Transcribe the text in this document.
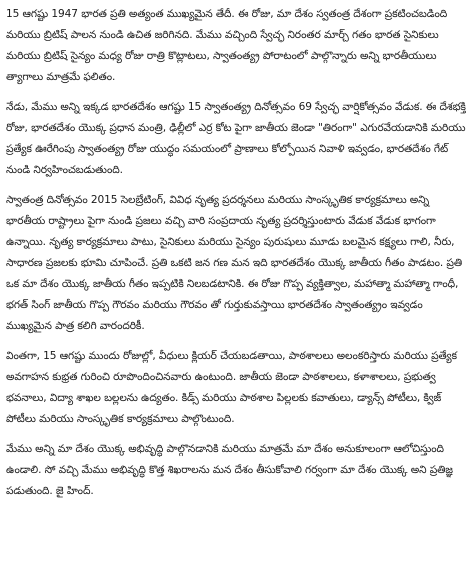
15 ఆగష్టు 1947 భారత ప్రతి అత్యంత ముఖ్యమైన తేదీ. ఈ రోజు, మా దేశం స్వతంత్ర దేశంగా ప్రకటించబడింది మరియు బ్రిటిష్ పాలన నుండి ఉచిత జరిగినది. మేము వచ్చింది స్వేచ్ఛ నిరంతర మార్చ్ గతం భారత సైనికులు మరియు బ్రిటిష్ సైన్యం మధ్య రోజు రాత్రి కొట్లాటలు, స్వాతంత్య్ర పోరాటంలో పాల్గొన్నారు అన్ని భారతీయులు త్యాగాలు మాత్రమే ఫలితం.

నేడు, మేము అన్ని ఇక్కడ భారతదేశం ఆగష్టు 15 స్వాతంత్య్ర దినోత్సవం 69 స్వేచ్ఛ వార్షికోత్సవం వేడుక. ఈ దేశభక్తి రోజు, భారతదేశం యొక్క ప్రధాన మంత్రి, ఢిల్లీలో ఎర్ర కోట పైగా జాతీయ జెండా "తిరంగా" ఎగురవేయడానికి మరియు ప్రత్యేక ఊరేగింపు స్వాతంత్య్ర రోజు యుద్ధం సమయంలో ప్రాణాలు కోల్పోయిన నివాళి ఇవ్వడం, భారతదేశం గేట్ నుండి నిర్వహించబడుతుంది.

స్వాతంత్ర దినోత్సవం 2015 సెలబ్రేటింగ్, వివిధ నృత్య ప్రదర్శనలు మరియు సాంస్కృతిక కార్యక్రమాలు అన్ని భారతీయ రాష్ట్రాలు పైగా నుండి ప్రజలు వచ్చి వారి సంప్రదాయ నృత్య ప్రదర్శిస్తుంటారు వేడుక వేడుక భాగంగా ఉన్నాయి. నృత్య కార్యక్రమాలు పాటు, సైనికులు మరియు సైన్యం పురుషులు మూడు బలమైన కక్ష్యలు గాలి, నీరు, సాధారణ ప్రజలకు భూమి చూపించే. ప్రతి ఒకటి జన గణ మన ఇది భారతదేశం యొక్క జాతీయ గీతం పాడటం. ప్రతి ఒక మా దేశం యొక్క జాతీయ గీతం ఇప్పటికి నిలబడటానికి. ఈ రోజు గొప్ప వ్యక్తిత్వాల, మహాత్మా మహాత్మా గాంధీ, భగత్ సింగ్ జాతీయ గొప్ప గౌరవం మరియు గౌరవం తో గుర్తుకువస్తాయి భారతదేశం స్వాతంత్య్రం ఇవ్వడం ముఖ్యమైన పాత్ర కలిగి వారందరికీ.

వింతగా, 15 ఆగష్టు ముందు రోజుల్లో, వీధులు క్లియర్ చేయబడతాయి, పాఠశాలలు అలంకరిస్తారు మరియు ప్రత్యేక అవగాహన కుభ్రత గురించి రూపొందించినవారు ఉంటుంది. జాతీయ జెండా పాఠశాలలు, కళాశాలలు, ప్రభుత్వ భవనాలు, విద్యా శాఖల బల్లలను ఉద్యతం. కిడ్స్ మరియు పాఠశాల పిల్లలకు కవాతులు, డ్యాన్స్ పోటీలు, క్విజ్ పోటీలు మరియు సాంస్కృతిక కార్యక్రమాలు పాల్గొంటుంది.

మేము అన్ని మా దేశం యొక్క అభివృద్ధి పాల్గొనడానికి మరియు మాత్రమే మా దేశం అనుకూలంగా ఆలోచిస్తుంది ఉండాలి. సో వచ్చి మేము అభివృద్ధి కొత్త శిఖరాలను మన దేశం తీసుకోవాలి గర్వంగా మా దేశం యొక్క అని ప్రతిజ్ఞ పడుతుంది. జై హింద్.
